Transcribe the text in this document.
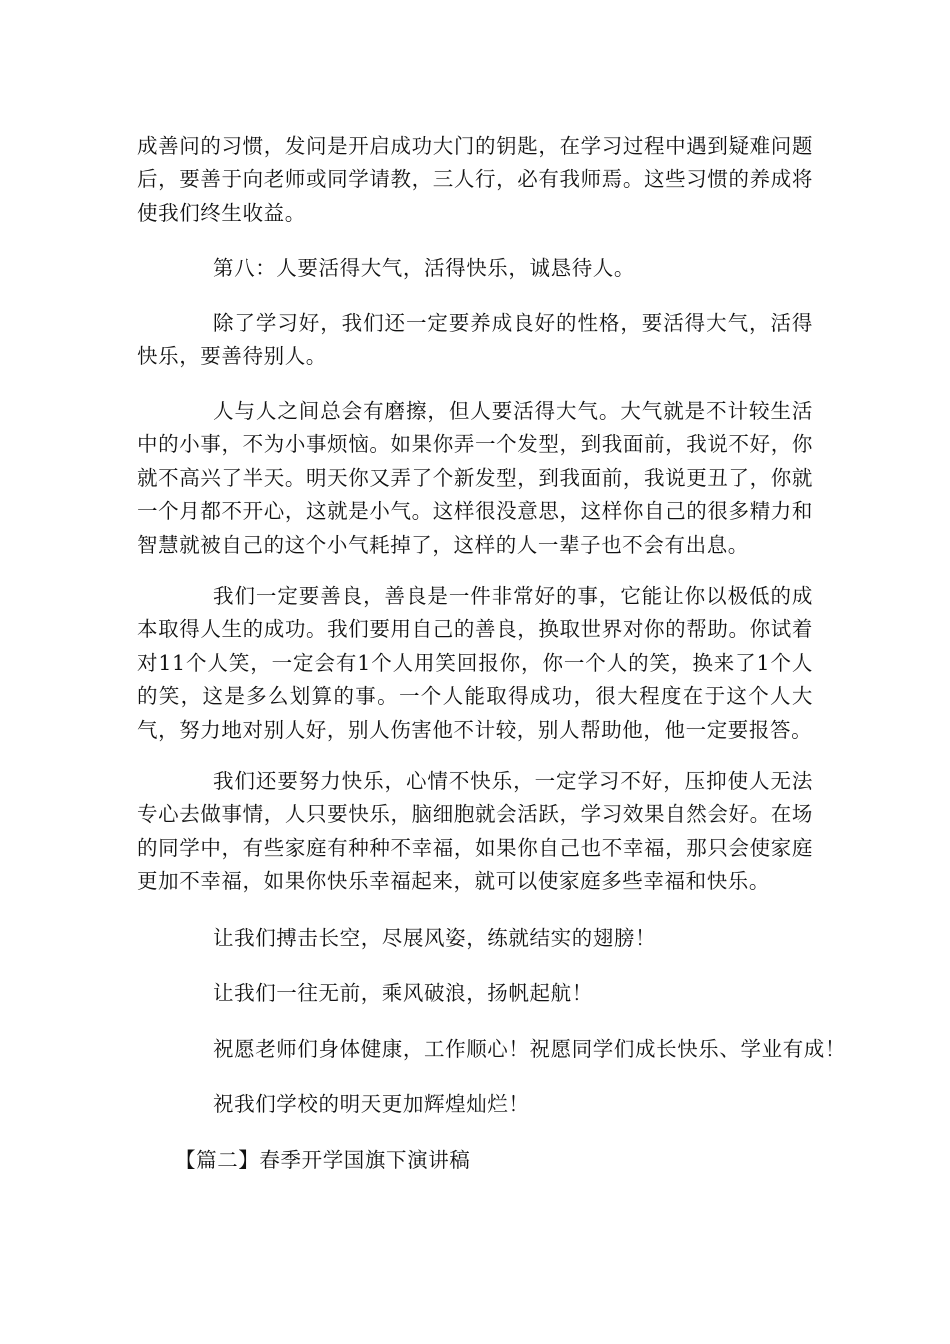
成善问的习惯，发问是开启成功大门的钥匙，在学习过程中遇到疑难问题后，要善于向老师或同学请教，三人行，必有我师焉。这些习惯的养成将使我们终生收益。

第八：人要活得大气，活得快乐，诚恳待人。

除了学习好，我们还一定要养成良好的性格，要活得大气，活得快乐，要善待别人。

人与人之间总会有磨擦，但人要活得大气。大气就是不计较生活中的小事，不为小事烦恼。如果你弄一个发型，到我面前，我说不好，你就不高兴了半天。明天你又弄了个新发型，到我面前，我说更丑了，你就一个月都不开心，这就是小气。这样很没意思，这样你自己的很多精力和智慧就被自己的这个小气耗掉了，这样的人一辈子也不会有出息。

我们一定要善良，善良是一件非常好的事，它能让你以极低的成本取得人生的成功。我们要用自己的善良，换取世界对你的帮助。你试着对11个人笑，一定会有1个人用笑回报你，你一个人的笑，换来了1个人的笑，这是多么划算的事。一个人能取得成功，很大程度在于这个人大气，努力地对别人好，别人伤害他不计较，别人帮助他，他一定要报答。

我们还要努力快乐，心情不快乐，一定学习不好，压抑使人无法专心去做事情，人只要快乐，脑细胞就会活跃，学习效果自然会好。在场的同学中，有些家庭有种种不幸福，如果你自己也不幸福，那只会使家庭更加不幸福，如果你快乐幸福起来，就可以使家庭多些幸福和快乐。

让我们搏击长空，尽展风姿，练就结实的翅膀！

让我们一往无前，乘风破浪，扬帆起航！

祝愿老师们身体健康，工作顺心！祝愿同学们成长快乐、学业有成！

祝我们学校的明天更加辉煌灿烂！

【篇二】春季开学国旗下演讲稿
